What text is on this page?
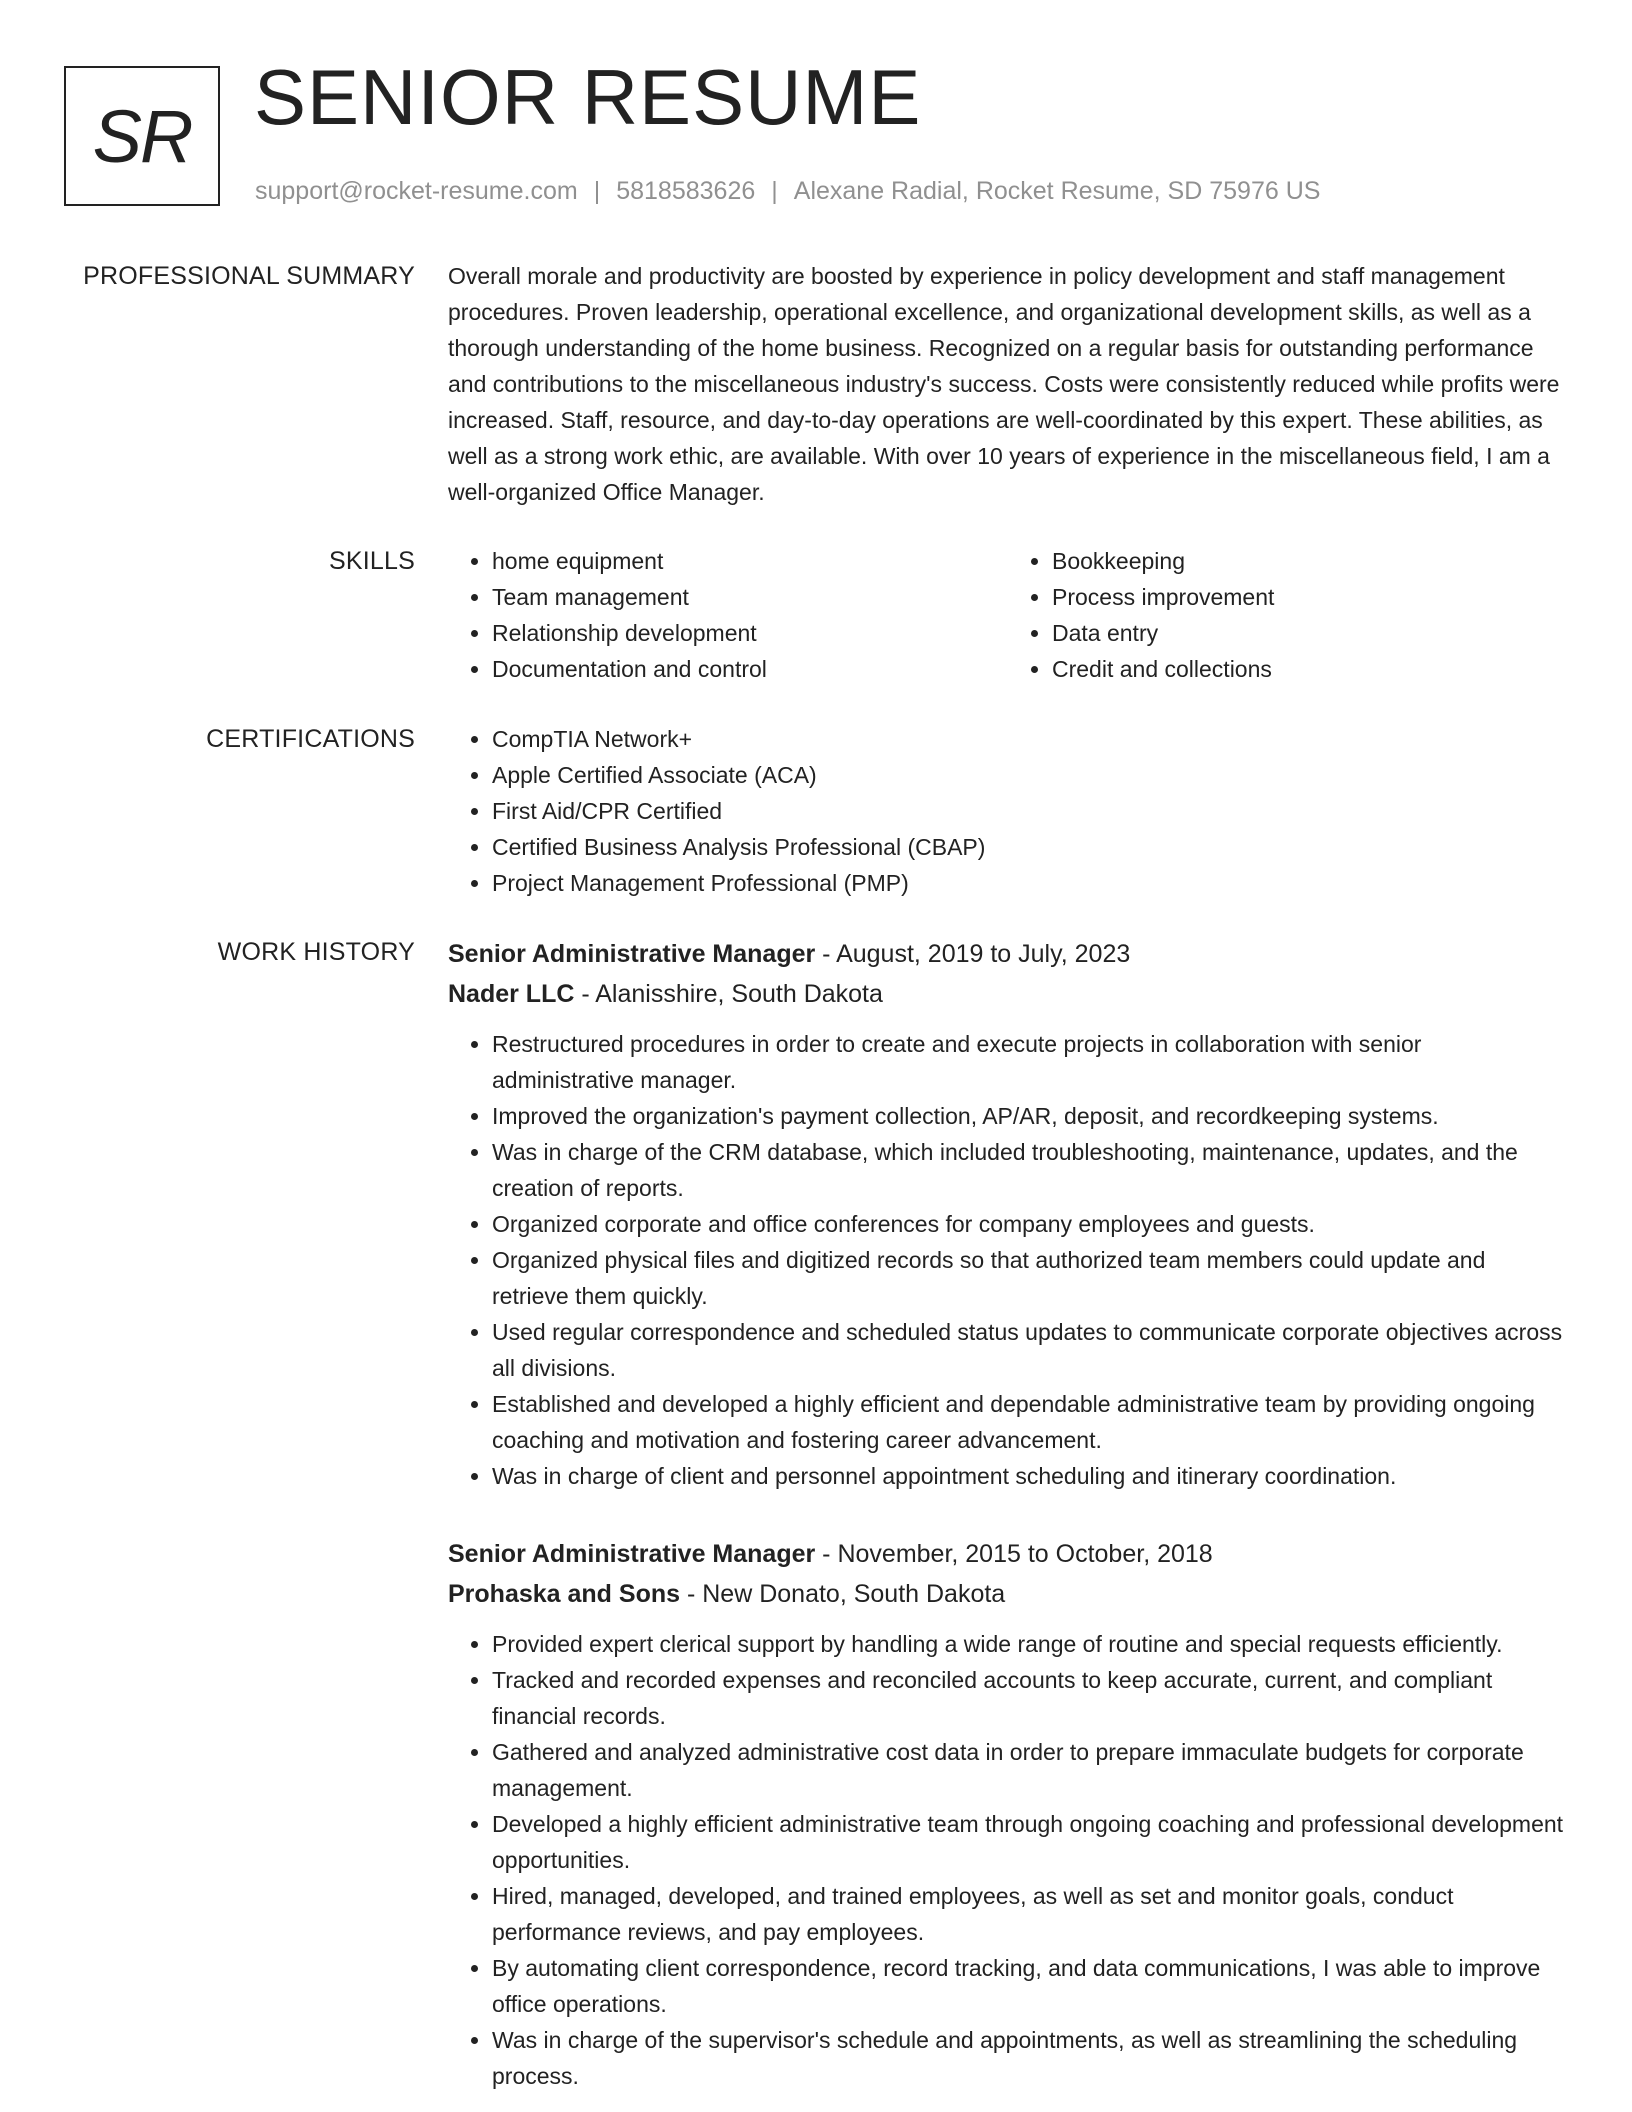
SR SENIOR RESUME
support@rocket-resume.com | 5818583626 | Alexane Radial, Rocket Resume, SD 75976 US
PROFESSIONAL SUMMARY Overall morale and productivity are boosted by experience in policy development and staff management procedures. Proven leadership, operational excellence, and organizational development skills, as well as a thorough understanding of the home business. Recognized on a regular basis for outstanding performance and contributions to the miscellaneous industry's success. Costs were consistently reduced while profits were increased. Staff, resource, and day-to-day operations are well-coordinated by this expert. These abilities, as well as a strong work ethic, are available. With over 10 years of experience in the miscellaneous field, I am a well-organized Office Manager.

SKILLS	• home equipment
• Team management
• Relationship development
• Documentation and control
• Bookkeeping
• Process improvement
• Data entry
• Credit and collections
CERTIFICATIONS	• CompTIA Network+
• Apple Certified Associate (ACA)
• First Aid/CPR Certified
• Certified Business Analysis Professional (CBAP)
• Project Management Professional (PMP)
WORK HISTORY Senior Administrative Manager - August, 2019 to July, 2023
Nader LLC - Alanisshire, South Dakota
• Restructured procedures in order to create and execute projects in collaboration with senior administrative manager.
• Improved the organization's payment collection, AP/AR, deposit, and recordkeeping systems.
• Was in charge of the CRM database, which included troubleshooting, maintenance, updates, and the creation of reports.
• Organized corporate and office conferences for company employees and guests.
• Organized physical files and digitized records so that authorized team members could update and retrieve them quickly.
• Used regular correspondence and scheduled status updates to communicate corporate objectives across all divisions.
• Established and developed a highly efficient and dependable administrative team by providing ongoing coaching and motivation and fostering career advancement.
• Was in charge of client and personnel appointment scheduling and itinerary coordination.
Senior Administrative Manager - November, 2015 to October, 2018
Prohaska and Sons - New Donato, South Dakota
• Provided expert clerical support by handling a wide range of routine and special requests efficiently.
• Tracked and recorded expenses and reconciled accounts to keep accurate, current, and compliant financial records.
• Gathered and analyzed administrative cost data in order to prepare immaculate budgets for corporate management.
• Developed a highly efficient administrative team through ongoing coaching and professional development opportunities.
• Hired, managed, developed, and trained employees, as well as set and monitor goals, conduct performance reviews, and pay employees.
• By automating client correspondence, record tracking, and data communications, I was able to improve office operations.
• Was in charge of the supervisor's schedule and appointments, as well as streamlining the scheduling process.
